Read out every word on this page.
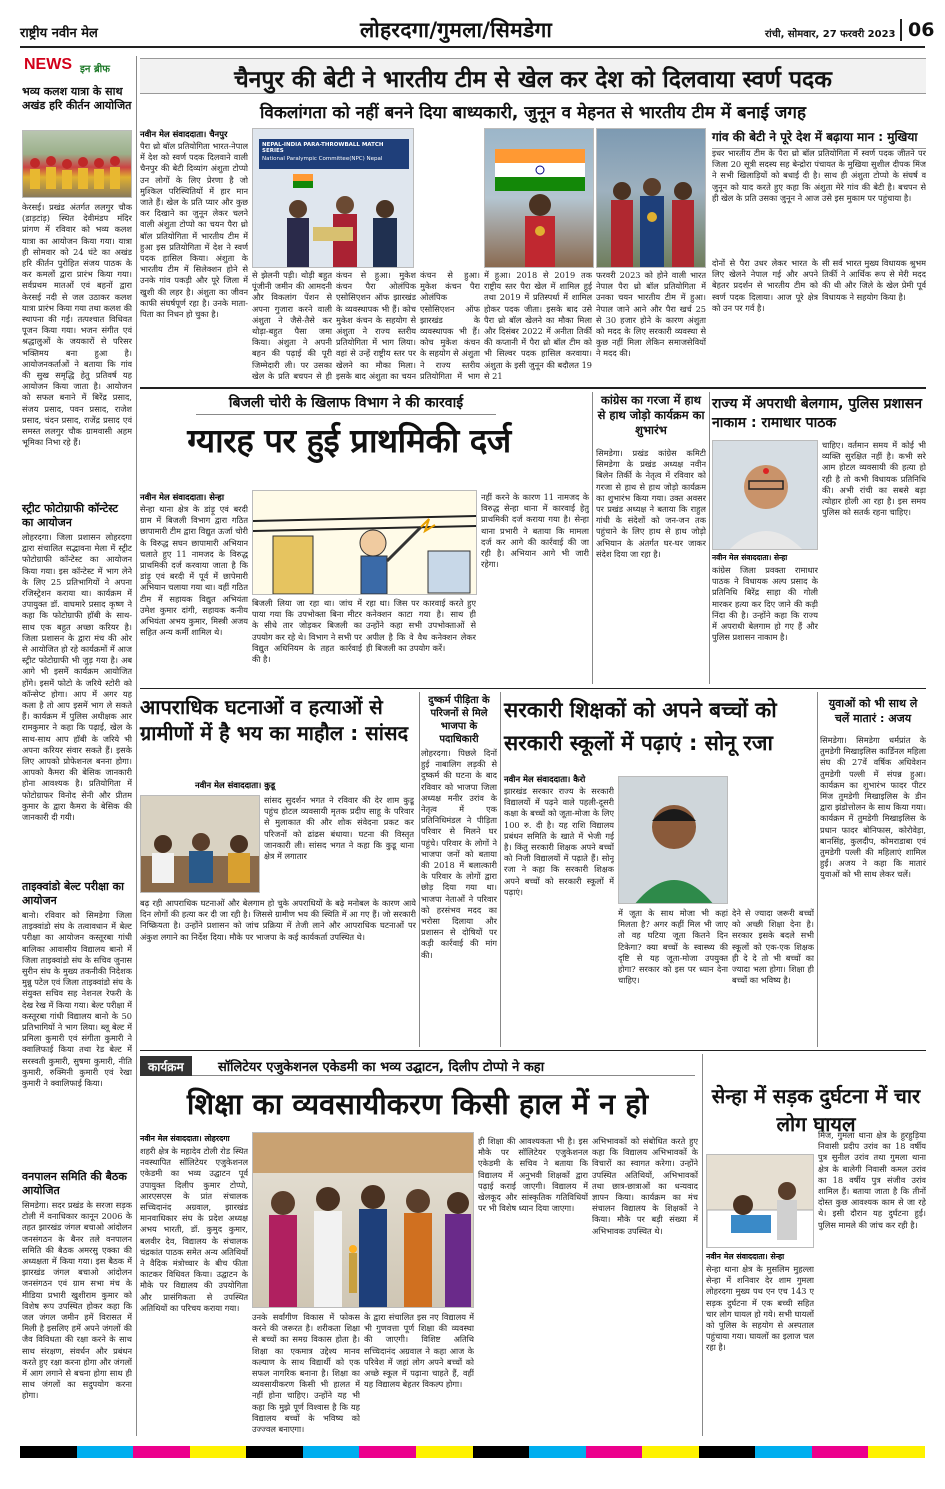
राष्ट्रीय नवीन मेल	लोहरदगा/गुमला/सिमडेगा	रांची, सोमवार, 27 फरवरी 2023 06
NEWS इन ब्रीफ
भव्य कलश यात्रा के साथ अखंड हरि कीर्तन आयोजित
केरसई। प्रखंड अंतर्गत ललगुर चौक (डाड़टांड़) स्थित देवीमंडप मंदिर प्रांगण में रविवार को भव्य कलश यात्रा का आयोजन किया गया। यात्रा ही सोमवार को 24 घंटे का अखंड हरि कीर्तन पुरोहित संजय पाठक के कर कमलों द्वारा प्रारंभ किया गया। सर्वप्रथम मातओं एवं बहनों द्वारा केरसई नदी से जल उठाकर कलश यात्रा प्रारंभ किया गया तथा कलश की स्थापना की गई। तत्पश्चात विधिवत पूजन किया गया। भजन संगीत एवं श्रद्धालुओं के जयकारों से परिसर भक्तिमय बना हुआ है। आयोजनकर्ताओं ने बताया कि गांव की सुख समृद्धि हेतु प्रतिवर्ष यह आयोजन किया जाता है। आयोजन को सफल बनाने में बिरेंद्र प्रसाद, संजय प्रसाद, पवन प्रसाद, राजेश प्रसाद, चंदन प्रसाद, राजेंद्र प्रसाद एवं समस्त ललगुर चौक ग्रामवासी अहम भूमिका निभा रहे हैं।
स्ट्रीट फोटोग्राफी कॉन्टेस्ट का आयोजन
लोहरदगा। जिला प्रशासन लोहरदगा द्वारा संचालित सद्भावना मेला में स्ट्रीट फोटोग्राफी कॉन्टेस्ट का आयोजन किया गया। इस कॉन्टेस्ट में भाग लेने के लिए 25 प्रतिभागियों ने अपना रजिस्ट्रेशन कराया था। कार्यक्रम में उपायुक्त डॉ. वाघमारे प्रसाद कृष्ण ने कहा कि फोटोग्राफी हॉबी के साथ-साथ एक बहुत अच्छा करियर है। जिला प्रशासन के द्वारा मंच की ओर से आयोजित हो रहे कार्यक्रमों में आज स्ट्रीट फोटोग्राफी भी जुड़ गया है। अब आगे भी इसमें कार्यक्रम आयोजित होंगे। इसमें फोटो के जरिये स्टोरी को कॉन्सेप्ट होगा। आप में अगर यह कला है तो आप इसमें भाग ले सकते हैं। कार्यक्रम में पुलिस अधीक्षक आर रामकुमार ने कहा कि पढ़ाई, खेल के साथ-साथ आप हॉबी के जरिये भी अपना करियर संवार सकते हैं। इसके लिए आपको प्रोफेशनल बनना होगा। आपको कैमरा की बेसिक जानकारी होना आवश्यक है। प्रतियोगिता में फोटोग्राफर विनोद सेनी और प्रीतम कुमार के द्वारा कैमरा के बेसिक की जानकारी दी गयी।
ताइक्वांडो बेल्ट परीक्षा का आयोजन
बानो। रविवार को सिमडेगा जिला ताइक्वांडो संघ के तत्वावधान में बेल्ट परीक्षा का आयोजन कस्तूरबा गांधी बालिका आवासीय विद्यालय बानो में जिला ताइक्वांडो संघ के सचिव जुनास सुरीन संघ के मुख्य तकनीकी निदेशक मुन्नु पटेल एवं जिला ताइक्वांडो संघ के संयुक्त सचिव सह नेशनल रेफरी के देख रेख में किया गया। बेल्ट परीक्षा में कस्तूरबा गांधी विद्यालय बानो के 50 प्रतिभागियों ने भाग लिया। ब्लू बेल्ट में प्रमिला कुमारी एवं संगीता कुमारी ने क्वालिफाई किया तथा रेड बेल्ट में सरस्वती कुमारी, सुषमा कुमारी, नीति कुमारी, रुक्मिनी कुमारी एवं रेखा कुमारी ने क्वालिफाई किया।
वनपालन समिति की बैठक आयोजित
सिमडेगा। सदर प्रखंड के सरजा सड़क टोली में वनाधिकार कानून 2006 के तहत झारखंड जंगल बचाओ आंदोलन जनसंगठन के बैनर तले वनपालन समिति की बैठक अमरसु एक्का की अध्यक्षता में किया गया। इस बैठक में झारखंड जंगल बचाओ आंदोलन जनसंगठन एवं ग्राम सभा मंच के मीडिया प्रभारी खुशीराम कुमार को विशेष रूप उपस्थित होकर कहा कि जल जंगल जमीन हमें विरासत में मिली है इसलिए हमें अपने जंगलों की जैव विविधता की रक्षा करने के साथ साथ संरक्षण, संवर्धन और प्रबंधन करते हुए रक्षा करना होगा और जंगलों में आग लगाने से बचना होगा साथ ही साथ जंगलों का सदुपयोग करना होगा।
चैनपुर की बेटी ने भारतीय टीम से खेल कर देश को दिलवाया स्वर्ण पदक
विकलांगता को नहीं बनने दिया बाध्यकारी, जुनून व मेहनत से भारतीय टीम में बनाई जगह
नवीन मेल संवाददाता। चैनपुर
पैरा थ्रो बॉल प्रतियोगिता भारत-नेपाल में देश को स्वर्ण पदक दिलवाने वाली चैनपुर की बेटी दिव्यांग अंशुता टोप्पो उन लोगों के लिए प्रेरणा है जो मुश्किल परिस्थितियों में हार मान जाते हैं। खेल के प्रति प्यार और कुछ कर दिखाने का जुनून लेकर चलने वाली अंशुता टोप्पो का चयन पैरा थ्रो बॉल प्रतियोगिता में भारतीय टीम में हुआ इस प्रतियोगिता में देश ने स्वर्ण पदक हासिल किया। अंशुता के भारतीय टीम में सिलेक्शन होने से उनके गांव पकड़ी और पूरे जिला में खुशी की लहर है। अंशुता का जीवन काफी संघर्षपूर्ण रहा है। उनके माता-पिता का निधन हो चुका है।
NEPAL-INDIA PARA-THROWBALL MATCH SERIES
National Paralympic Committee(NPC) Nepal
से झेलनी पड़ी। थोड़ी बहुत पूंजीनी जमीन की आमदनी और विकलांग पेंशन से अपना गुजारा करने वाली अंशुता ने जैसे-तैसे कर थोड़ा-बहुत पैसा जमा किया। अंशुता ने अपनी बहन की पढ़ाई की पूरी जिम्मेदारी ली। पर उसका खेल के प्रति बचपन से ही
कंचन से हुआ। मुकेश कंचन पैरा ओलंपिक एसोसिएशन ऑफ झारखंड के व्यवस्थापक भी हैं। कोच मुकेश कंचन के सहयोग से अंशुता ने राज्य स्तरीय प्रतियोगिता में भाग लिया। वहां से उन्हें राष्ट्रीय स्तर पर खेलने का मौका मिला। इसके बाद अंशुता का चयन
कंचन से हुआ। मुकेश कंचन पैरा ओलंपिक एसोसिएशन ऑफ झारखंड के व्यवस्थापक भी हैं। कोच मुकेश कंचन के सहयोग से अंशुता ने राज्य स्तरीय प्रतियोगिता में भाग
में हुआ। 2018 से 2019 तक राष्ट्रीय स्तर पैरा खेल में शामिल हुई तथा 2019 में प्रतिस्पर्धा में शामिल होकर पदक जीता। इसके बाद उसे पैरा थ्रो बॉल खेलने का मौका मिला और दिसंबर 2022 में अनीता तिर्की की कप्तानी में पैरा थ्रो बॉल टीम को भी सिल्वर पदक हासिल करवाया। अंशुता के इसी जुनून की बदौलत 19 से 21
फरवरी 2023 को होने वाली भारत नेपाल पैरा थ्रो बॉल प्रतियोगिता में उनका चयन भारतीय टीम में हुआ। नेपाल जाने आने और पैरा खर्च 25 से 30 हजार होने के कारण अंशुता को मदद के लिए सरकारी व्यवस्था से कुछ नहीं मिला लेकिन समाजसेवियों ने मदद की।
गांव की बेटी ने पूरे देश में बढ़ाया मान : मुखिया
इधर भारतीय टीम के पैरा थ्रो बॉल प्रतियोगिता में स्वर्ण पदक जीतने पर जिला 20 सूत्री सदस्य सह बेन्द्रोरा पंचायत के मुखिया सुशील दीपक मिंज ने सभी खिलाड़ियों को बधाई दी है। साथ ही अंशुता टोप्पो के संघर्ष व जुनून को याद करते हुए कहा कि अंशुता मेरे गांव की बेटी है। बचपन से ही खेल के प्रति उसका जुनून ने आज उसे इस मुकाम पर पहुंचाया है।
दोनों से पैरा उधर लेकर भारत के लिए खेलने नेपाल गई और अपने बेहतर प्रदर्शन से भारतीय टीम को स्वर्ण पदक दिलाया। आज पूरे क्षेत्र को उन पर गर्व है।
सी सर्व भारत मुख्य विधायक श्रुभम तिर्की ने आर्थिक रूप से मेरी मदद की थी और जिले के खेल प्रेमी पूर्व विधायक ने सहयोग किया है।
बिजली चोरी के खिलाफ विभाग ने की कारवाई
ग्यारह पर हुई प्राथमिकी दर्ज
नवीन मेल संवाददाता। सेन्हा
सेन्हा थाना क्षेत्र के डांड़ू एवं बरदी ग्राम में बिजली विभाग द्वारा गठित छापामारी टीम द्वारा विद्युत ऊर्जा चोरी के विरुद्ध सघन छापामारी अभियान चलाते हुए 11 नामजद के विरुद्ध प्राथमिकी दर्ज करवाया जाता है कि डांड़ू एवं बरदी में पूर्व में छापेमारी अभियान चलाया गया था। वहीं गठित टीम में सहायक विद्युत अभियंता उमेश कुमार दांगी, सहायक कनीय अभियंता अभय कुमार, मिस्त्री अजय सहित अन्य कर्मी शामिल थे।
बिजली लिया जा रहा था। जांच में पाया गया कि उपभोक्ता बिना मीटर के सीधे तार जोड़कर बिजली का उपयोग कर रहे थे। विभाग ने सभी पर विद्युत अधिनियम के तहत कार्रवाई की है।
रहा था। जिस पर कारवाई करते हुए कनेक्शन काटा गया है। साथ ही उन्होंने कहा सभी उपभोक्ताओं से अपील है कि वे वैध कनेक्शन लेकर ही बिजली का उपयोग करें।
नहीं करने के कारण 11 नामजद के विरुद्ध सेन्हा थाना में कारवाई हेतु प्राथमिकी दर्ज कराया गया है। सेन्हा थाना प्रभारी ने बताया कि मामला दर्ज कर आगे की कार्रवाई की जा रही है। अभियान आगे भी जारी रहेगा।
कांग्रेस का गरजा में हाथ से हाथ जोड़ो कार्यक्रम का शुभारंभ
सिमडेगा। प्रखंड कांग्रेस कमिटी सिमडेगा के प्रखंड अध्यक्ष नवीन बिलेन तिर्की के नेतृत्व में रविवार को गरजा से हाथ से हाथ जोड़ो कार्यक्रम का शुभारंभ किया गया। उक्त अवसर पर प्रखंड अध्यक्ष ने बताया कि राहुल गांधी के संदेशों को जन-जन तक पहुंचाने के लिए हाथ से हाथ जोड़ो अभियान के अंतर्गत घर-घर जाकर संदेश दिया जा रहा है।
राज्य में अपराधी बेलगाम, पुलिस प्रशासन नाकाम : रामाधार पाठक
नवीन मेल संवाददाता। सेन्हा
कांग्रेस जिला प्रवक्ता रामाधार पाठक ने विधायक अल्प प्रसाद के प्रतिनिधि बिरेंद्र साहा की गोली मारकर हत्या कर दिए जाने की कड़ी निंदा की है। उन्होंने कहा कि राज्य में अपराधी बेलगाम हो गए हैं और पुलिस प्रशासन नाकाम है।
चाहिए। वर्तमान समय में कोई भी व्यक्ति सुरक्षित नहीं है। कभी सरे आम होटल व्यवसायी की हत्या हो रही है तो कभी विधायक प्रतिनिधि की। अभी रांची का सबसे बड़ा त्योहार होली आ रहा है। इस समय पुलिस को सतर्क रहना चाहिए।
आपराधिक घटनाओं व हत्याओं से ग्रामीणों में है भय का माहौल : सांसद
नवीन मेल संवाददाता। कुडू
सांसद सुदर्शन भगत ने रविवार की देर शाम कुडू पहुंच होटल व्यवसायी मृतक प्रदीप साहू के परिवार से मुलाकात की और शोक संवेदना प्रकट कर परिजनों को ढांढस बंधाया। घटना की विस्तृत जानकारी ली। सांसद भगत ने कहा कि कुडू थाना क्षेत्र में लगातार
बढ़ रही आपराधिक घटनाओं और बेलगाम हो चुके अपराधियों के बढ़े मनोबल के कारण आये दिन लोगों की हत्या कर दी जा रही है। जिससे ग्रामीण भय की स्थिति में आ गए हैं। जो सरकारी निष्क्रियता है। उन्होंने प्रशासन को जांच प्रक्रिया में तेजी लाने और आपराधिक घटनाओं पर अंकुश लगाने का निर्देश दिया। मौके पर भाजपा के कई कार्यकर्ता उपस्थित थे।
दुष्कर्म पीड़िता के परिजनों से मिले भाजपा के पदाधिकारी
लोहरदगा। पिछले दिनों हुई नाबालिग लड़की से दुष्कर्म की घटना के बाद रविवार को भाजपा जिला अध्यक्ष मनीर उरांव के नेतृत्व में एक प्रतिनिधिमंडल ने पीड़िता परिवार से मिलने घर पहुंचे। परिवार के लोगों ने भाजपा जनों को बताया की 2018 में बलात्कारी के परिवार के लोगों द्वारा छोड़ दिया गया था। भाजपा नेताओं ने परिवार को हरसंभव मदद का भरोसा दिलाया और प्रशासन से दोषियों पर कड़ी कार्रवाई की मांग की।
सरकारी शिक्षकों को अपने बच्चों को सरकारी स्कूलों में पढ़ाएं : सोनू रजा
नवीन मेल संवाददाता। कैरो
झारखंड सरकार राज्य के सरकारी विद्यालयों में पढ़ने वाले पहली-दूसरी कक्षा के बच्चों को जूता-मोजा के लिए 100 रु. दी है। यह राशि विद्यालय प्रबंधन समिति के खाते में भेजी गई है। किंतु सरकारी शिक्षक अपने बच्चों को निजी विद्यालयों में पढ़ाते हैं। सोनू रजा ने कहा कि सरकारी शिक्षक अपने बच्चों को सरकारी स्कूलों में पढ़ाएं।
में जूता के साथ मोजा भी कहां मिलता है? अगर कहीं मिल भी जाए तो वह घटिया जूता कितने दिन टिकेगा? क्या बच्चों के स्वास्थ्य की दृष्टि से यह जूता-मोजा उपयुक्त होगा? सरकार को इस पर ध्यान देना चाहिए।
देने से ज्यादा जरूरी बच्चों को अच्छी शिक्षा देना है। सरकार इसके बदले सभी स्कूलों को एक-एक शिक्षक ही दे दे तो भी बच्चों का ज्यादा भला होगा। शिक्षा ही बच्चों का भविष्य है।
युवाओं को भी साथ ले चलें मातारं : अजय
सिमडेगा। सिमडेगा धर्मप्रांत के तुमडेगी मिखाइलिस कार्डिनल महिला संघ की 27वें वर्षिक अधिवेशन तुमडेगी पल्ली में संपन्न हुआ। कार्यक्रम का शुभारंभ फादर पीटर मिंज तुमडेगी मिखाइलिस के डीन द्वारा झंडोत्तोलन के साथ किया गया। कार्यक्रम में तुमडेगी मिखाइलिस के प्रधान फादर बोनिफास, कोरोवेड़ा, बानसिंह, कुलदीप, कोमराडाबा एवं तुमडेगी पल्ली की महिलाएं शामिल हुईं। अजय ने कहा कि मातारं युवाओं को भी साथ लेकर चलें।
कार्यक्रम	सॉलिटेयर एजुकेशनल एकेडमी का भव्य उद्घाटन, दिलीप टोप्पो ने कहा
शिक्षा का व्यवसायीकरण किसी हाल में न हो
नवीन मेल संवाददाता। लोहरदगा
शहरी क्षेत्र के महादेव टोली रोड स्थित नवस्थापित सॉलिटेयर एजुकेशनल एकेडमी का भव्य उद्घाटन पूर्व उपायुक्त दिलीप कुमार टोप्पो, आरएसएस के प्रांत संचालक सच्चिदानंद अग्रवाल, झारखंड मानवाधिकार संघ के प्रदेश अध्यक्ष अभय भारती, डॉ. कुमुद कुमार, बलवीर देव, विद्यालय के संचालक चंद्रकांत पाठक समेत अन्य अतिथियों ने वैदिक मंत्रोच्चार के बीच फीता काटकर विधिवत किया। उद्घाटन के मौके पर विद्यालय की उपयोगिता और प्रासंगिकता से उपस्थित अतिथियों का परिचय कराया गया।
उनके सर्वांगीण विकास में फोकस करने की जरूरत है। शरीकता शिक्षा से बच्चों का समग्र विकास होता है। शिक्षा का एकमात्र उद्देश्य मानव कल्याण के साथ विद्यार्थी को एक सफल नागरिक बनाना है। शिक्षा का व्यवसायीकरण किसी भी हालत में नहीं होना चाहिए। उन्होंने यह भी कहा कि मुझे पूर्ण विश्वास है कि यह विद्यालय बच्चों के भविष्य को उज्ज्वल बनाएगा।
के द्वारा संचालित इस नए विद्यालय में भी गुणवत्ता पूर्ण शिक्षा की व्यवस्था की जाएगी। विशिष्ट अतिथि सच्चिदानंद अग्रवाल ने कहा आज के परिवेश में जहां लोग अपने बच्चों को अच्छे स्कूल में पढ़ाना चाहते हैं, वहीं यह विद्यालय बेहतर विकल्प होगा।
ही शिक्षा की आवश्यकता भी है। इस मौके पर सॉलिटेयर एजुकेशनल एकेडमी के सचिव ने बताया कि विद्यालय में अनुभवी शिक्षकों द्वारा पढ़ाई कराई जाएगी। विद्यालय में खेलकूद और सांस्कृतिक गतिविधियों पर भी विशेष ध्यान दिया जाएगा।
अभिभावकों को संबोधित करते हुए कहा कि विद्यालय अभिभावकों के विचारों का स्वागत करेगा। उन्होंने उपस्थित अतिथियों, अभिभावकों तथा छात्र-छात्राओं का धन्यवाद ज्ञापन किया। कार्यक्रम का मंच संचालन विद्यालय के शिक्षकों ने किया। मौके पर बड़ी संख्या में अभिभावक उपस्थित थे।
सेन्हा में सड़क दुर्घटना में चार लोग घायल
नवीन मेल संवाददाता। सेन्हा
सेन्हा थाना क्षेत्र के मुसलिम मुहल्ला सेन्हा में शनिवार देर शाम गुमला लोहरदगा मुख्य पथ एन एच 143 ए सड़क दुर्घटना में एक बच्ची सहित चार लोग घायल हो गये। सभी घायलों को पुलिस के सहयोग से अस्पताल पहुंचाया गया। घायलों का इलाज चल रहा है।
मिंज, गुमला थाना क्षेत्र के हुरहुड़िया निवासी प्रदीप उरांव का 18 वर्षीय पुत्र सुनील उरांव तथा गुमला थाना क्षेत्र के बालेगी निवासी कमल उरांव का 18 वर्षीय पुत्र संजीव उरांव शामिल हैं। बताया जाता है कि तीनों दोस्त कुछ आवश्यक काम से जा रहे थे। इसी दौरान यह दुर्घटना हुई। पुलिस मामले की जांच कर रही है।
